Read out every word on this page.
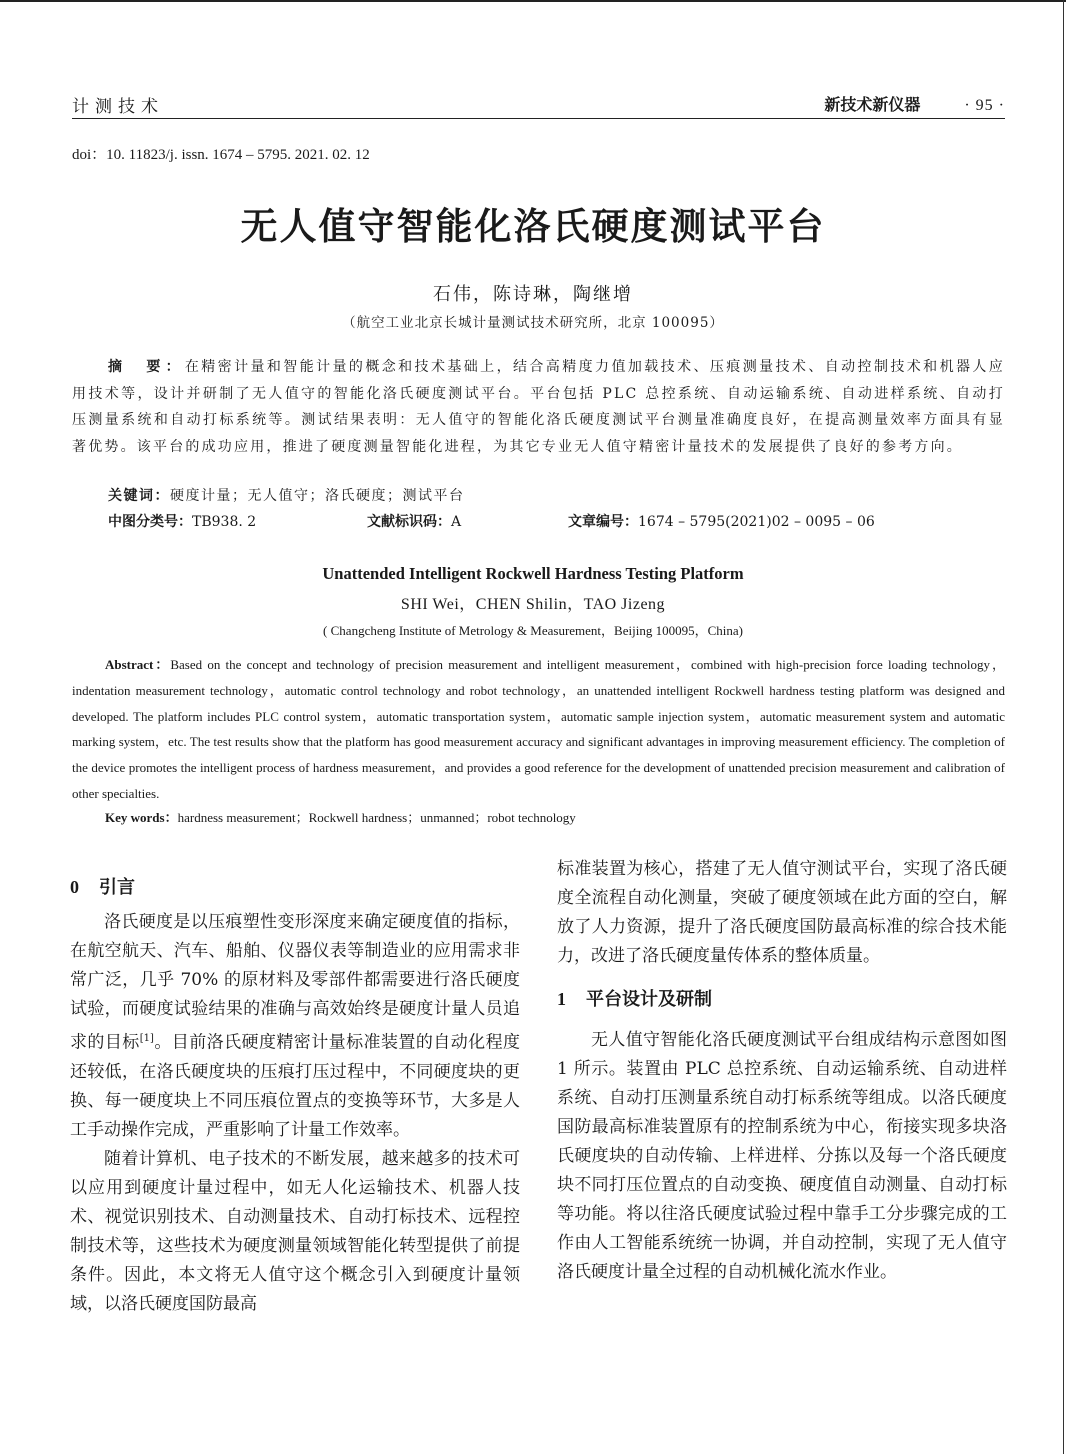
计测技术	新技术新仪器	· 95 ·
doi：10. 11823/j. issn. 1674 – 5795. 2021. 02. 12
无人值守智能化洛氏硬度测试平台
石伟，陈诗琳，陶继增
（航空工业北京长城计量测试技术研究所，北京 100095）
摘　要：在精密计量和智能计量的概念和技术基础上，结合高精度力值加载技术、压痕测量技术、自动控制技术和机器人应用技术等，设计并研制了无人值守的智能化洛氏硬度测试平台。平台包括 PLC 总控系统、自动运输系统、自动进样系统、自动打压测量系统和自动打标系统等。测试结果表明：无人值守的智能化洛氏硬度测试平台测量准确度良好，在提高测量效率方面具有显著优势。该平台的成功应用，推进了硬度测量智能化进程，为其它专业无人值守精密计量技术的发展提供了良好的参考方向。
关键词：硬度计量；无人值守；洛氏硬度；测试平台
中图分类号：TB938. 2	文献标识码：A	文章编号：1674 – 5795(2021)02 – 0095 – 06
Unattended Intelligent Rockwell Hardness Testing Platform
SHI Wei，CHEN Shilin，TAO Jizeng
( Changcheng Institute of Metrology & Measurement，Beijing 100095，China)
Abstract：Based on the concept and technology of precision measurement and intelligent measurement，combined with high-precision force loading technology，indentation measurement technology，automatic control technology and robot technology，an unattended intelligent Rockwell hardness testing platform was designed and developed. The platform includes PLC control system，automatic transportation system，automatic sample injection system，automatic measurement system and automatic marking system，etc. The test results show that the platform has good measurement accuracy and significant advantages in improving measurement efficiency. The completion of the device promotes the intelligent process of hardness measurement，and provides a good reference for the development of unattended precision measurement and calibration of other specialties.
Key words：hardness measurement；Rockwell hardness；unmanned；robot technology
0 引言

洛氏硬度是以压痕塑性变形深度来确定硬度值的指标，在航空航天、汽车、船舶、仪器仪表等制造业的应用需求非常广泛，几乎 70% 的原材料及零部件都需要进行洛氏硬度试验，而硬度试验结果的准确与高效始终是硬度计量人员追求的目标[1]。目前洛氏硬度精密计量标准装置的自动化程度还较低，在洛氏硬度块的压痕打压过程中，不同硬度块的更换、每一硬度块上不同压痕位置点的变换等环节，大多是人工手动操作完成，严重影响了计量工作效率。

随着计算机、电子技术的不断发展，越来越多的技术可以应用到硬度计量过程中，如无人化运输技术、机器人技术、视觉识别技术、自动测量技术、自动打标技术、远程控制技术等，这些技术为硬度测量领域智能化转型提供了前提条件。因此，本文将无人值守这个概念引入到硬度计量领域，以洛氏硬度国防最高

标准装置为核心，搭建了无人值守测试平台，实现了洛氏硬度全流程自动化测量，突破了硬度领域在此方面的空白，解放了人力资源，提升了洛氏硬度国防最高标准的综合技术能力，改进了洛氏硬度量传体系的整体质量。

1 平台设计及研制

无人值守智能化洛氏硬度测试平台组成结构示意图如图 1 所示。装置由 PLC 总控系统、自动运输系统、自动进样系统、自动打压测量系统自动打标系统等组成。以洛氏硬度国防最高标准装置原有的控制系统为中心，衔接实现多块洛氏硬度块的自动传输、上样进样、分拣以及每一个洛氏硬度块不同打压位置点的自动变换、硬度值自动测量、自动打标等功能。将以往洛氏硬度试验过程中靠手工分步骤完成的工作由人工智能系统统一协调，并自动控制，实现了无人值守洛氏硬度计量全过程的自动机械化流水作业。
